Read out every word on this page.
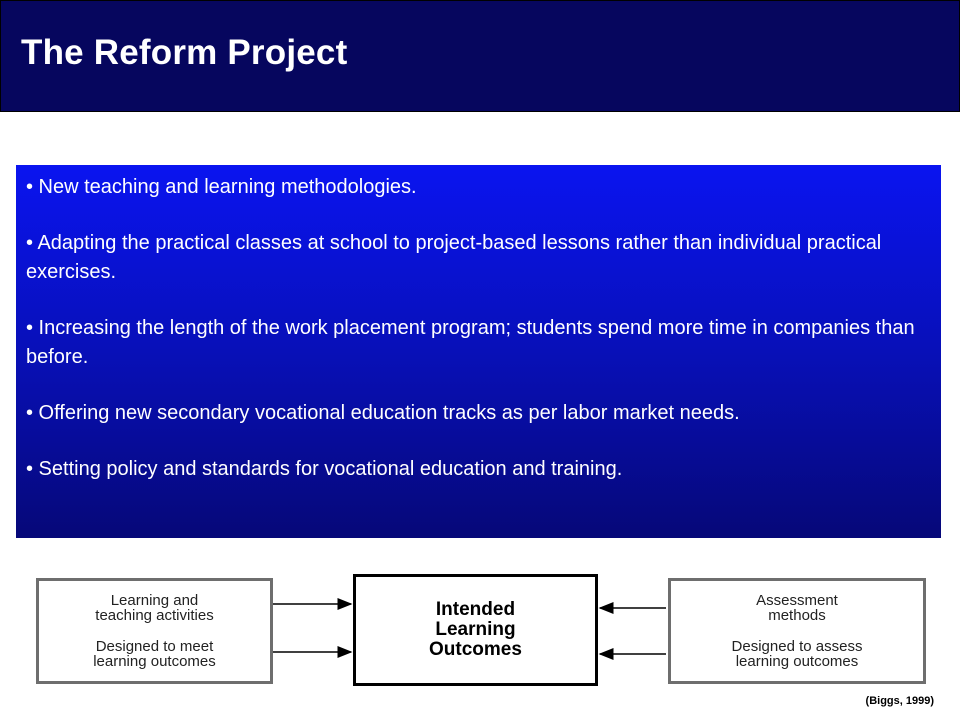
The Reform Project

• New teaching and learning methodologies.

• Adapting the practical classes at school to project-based lessons rather than individual practical exercises.

• Increasing the length of the work placement program; students spend more time in companies than before.

• Offering new secondary vocational education tracks as per labor market needs.

• Setting policy and standards for vocational education and training.

Learning and
teaching activities
Designed to meet
learning outcomes
Intended
Learning
Outcomes
Assessment
methods
Designed to assess
learning outcomes
(Biggs, 1999)
